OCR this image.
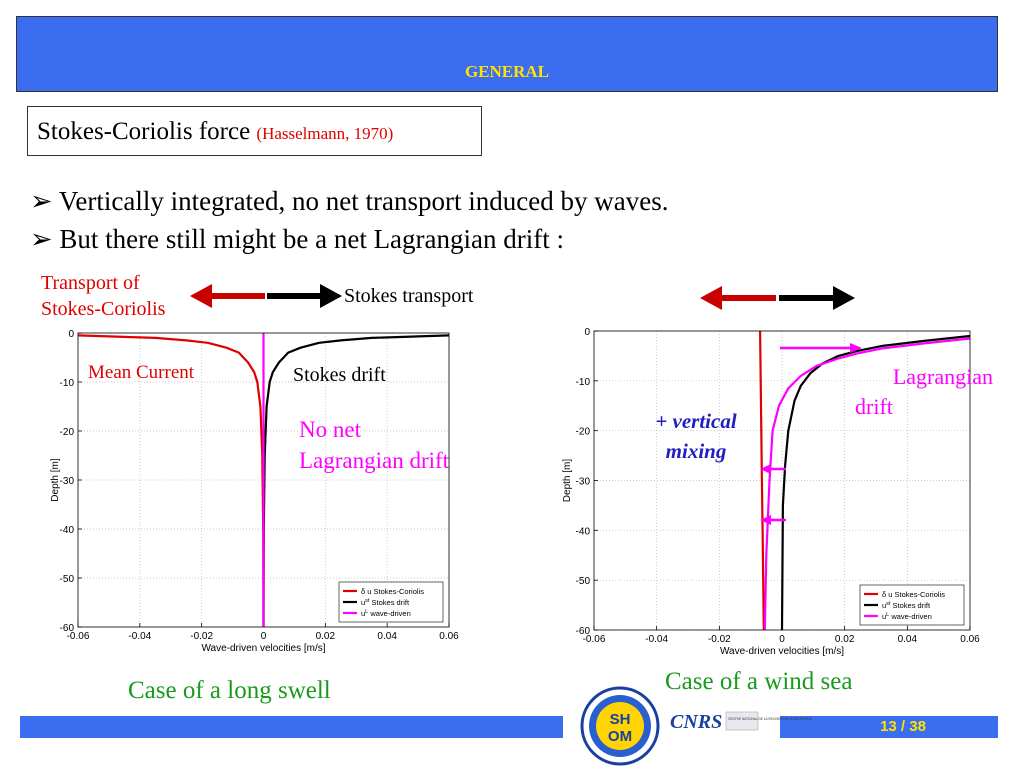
GENERAL
Stokes-Coriolis force (Hasselmann, 1970)
➢ Vertically integrated, no net transport induced by waves.
➢ But there still might be a net Lagrangian drift :
-0.06	-0.04	-0.02	0	0.02	0.04	0.06
0
-10
-20
-30
-40
-50
-60
Wave-driven velocities [m/s]
Depth [m]
δ u Stokes-Coriolis
$u^{st}$ Stokes drift
$u^L$ wave-driven
-0.06	-0.04	-0.02	0	0.02	0.04	0.06
0
-10
-20
-30
-40
-50
-60
Wave-driven velocities [m/s]
Depth [m]
δ u Stokes-Coriolis
$u^{st}$ Stokes drift
$u^L$ wave-driven
Transport of
Stokes-Coriolis
Stokes transport
Mean Current	Stokes drift
No net
Lagrangian drift
Lagrangian
drift
+ vertical
mixing
Case of a long swell	Case of a wind sea
13 / 38
SH
OM
CNRS CENTRE NATIONAL DE LA RECHERCHE SCIENTIFIQUE
